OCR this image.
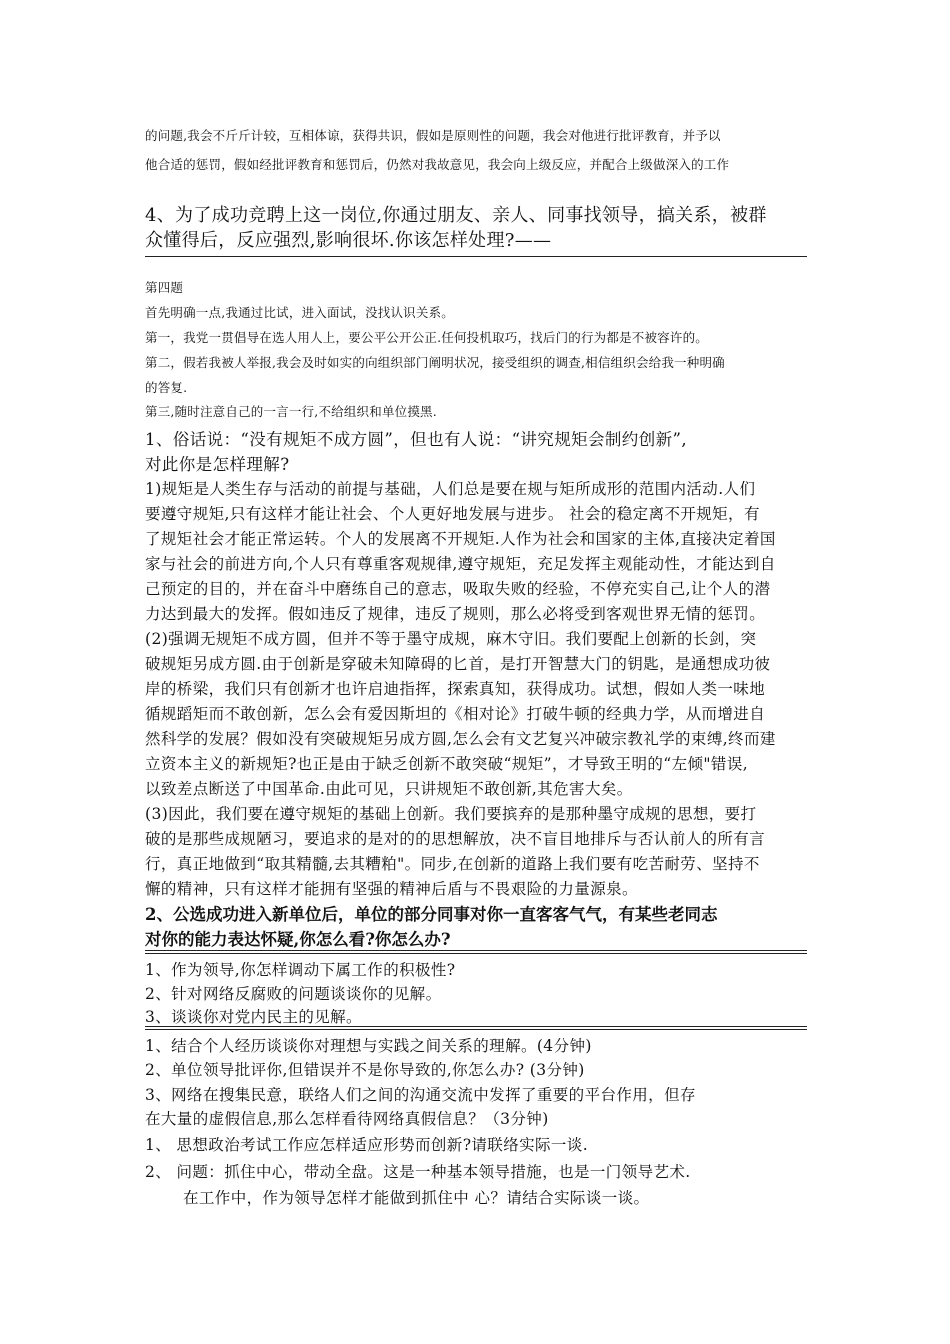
的问题,我会不斤斤计较，互相体谅，获得共识，假如是原则性的问题，我会对他进行批评教育，并予以

他合适的惩罚，假如经批评教育和惩罚后，仍然对我故意见，我会向上级反应，并配合上级做深入的工作

4、为了成功竞聘上这一岗位,你通过朋友、亲人、同事找领导，搞关系，被群

众懂得后，反应强烈,影响很坏.你该怎样处理?——

第四题

首先明确一点,我通过比试，进入面试，没找认识关系。

第一，我党一贯倡导在选人用人上，要公平公开公正.任何投机取巧，找后门的行为都是不被容许的。

第二，假若我被人举报,我会及时如实的向组织部门阐明状况，接受组织的调查,相信组织会给我一种明确

的答复.

第三,随时注意自己的一言一行,不给组织和单位摸黑.

1、俗话说：“没有规矩不成方圆”，但也有人说：“讲究规矩会制约创新”,

对此你是怎样理解?

1)规矩是人类生存与活动的前提与基础，人们总是要在规与矩所成形的范围内活动.人们

要遵守规矩,只有这样才能让社会、个人更好地发展与进步。 社会的稳定离不开规矩，有

了规矩社会才能正常运转。个人的发展离不开规矩.人作为社会和国家的主体,直接决定着国

家与社会的前进方向,个人只有尊重客观规律,遵守规矩，充足发挥主观能动性，才能达到自

己预定的目的，并在奋斗中磨练自己的意志，吸取失败的经验，不停充实自己,让个人的潜

力达到最大的发挥。假如违反了规律，违反了规则，那么必将受到客观世界无情的惩罚。

(2)强调无规矩不成方圆，但并不等于墨守成规，麻木守旧。我们要配上创新的长剑，突

破规矩另成方圆.由于创新是穿破未知障碍的匕首，是打开智慧大门的钥匙，是通想成功彼

岸的桥梁，我们只有创新才也许启迪指挥，探索真知，获得成功。试想，假如人类一味地

循规蹈矩而不敢创新，怎么会有爱因斯坦的《相对论》打破牛顿的经典力学，从而增进自

然科学的发展？假如没有突破规矩另成方圆,怎么会有文艺复兴冲破宗教礼学的束缚,终而建

立资本主义的新规矩?也正是由于缺乏创新不敢突破“规矩”，才导致王明的“左倾"错误,

以致差点断送了中国革命.由此可见，只讲规矩不敢创新,其危害大矣。

(3)因此，我们要在遵守规矩的基础上创新。我们要摈弃的是那种墨守成规的思想，要打

破的是那些成规陋习，要追求的是对的的思想解放，决不盲目地排斥与否认前人的所有言

行，真正地做到“取其精髓,去其糟粕"。同步,在创新的道路上我们要有吃苦耐劳、坚持不

懈的精神，只有这样才能拥有坚强的精神后盾与不畏艰险的力量源泉。

2、公选成功进入新单位后，单位的部分同事对你一直客客气气，有某些老同志

对你的能力表达怀疑,你怎么看?你怎么办?

1、作为领导,你怎样调动下属工作的积极性?

2、针对网络反腐败的问题谈谈你的见解。

3、谈谈你对党内民主的见解。

1、结合个人经历谈谈你对理想与实践之间关系的理解。(4分钟)

2、单位领导批评你,但错误并不是你导致的,你怎么办? (3分钟)

3、网络在搜集民意，联络人们之间的沟通交流中发挥了重要的平台作用，但存

在大量的虚假信息,那么怎样看待网络真假信息？（3分钟)

1、 思想政治考试工作应怎样适应形势而创新?请联络实际一谈.

2、 问题：抓住中心，带动全盘。这是一种基本领导措施，也是一门领导艺术.

在工作中，作为领导怎样才能做到抓住中 心？请结合实际谈一谈。
